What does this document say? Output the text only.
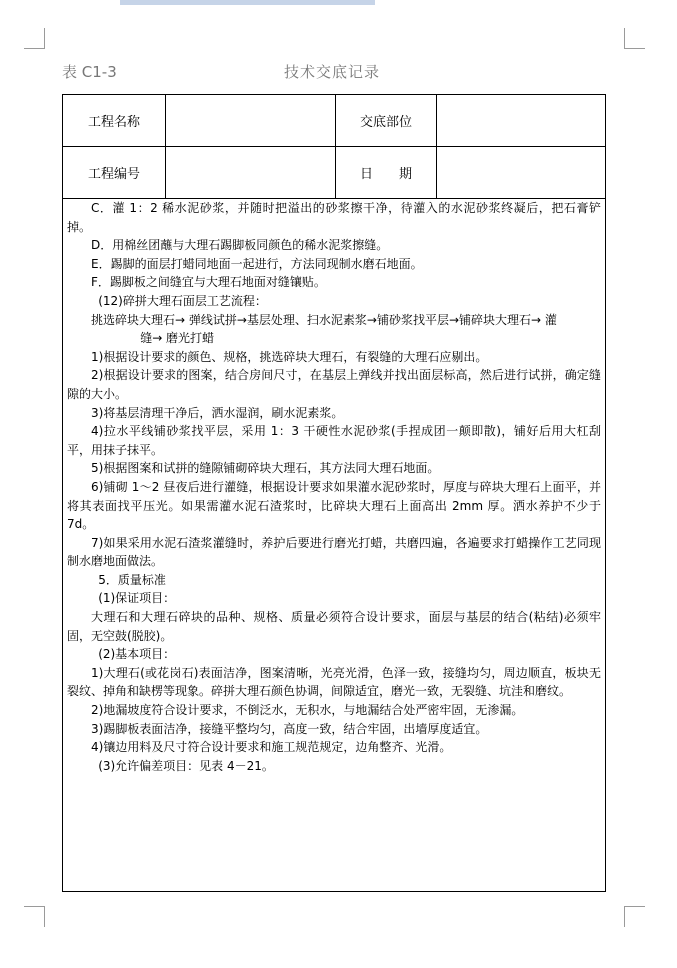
表 C1-3	技术交底记录
工程名称	交底部位
工程编号	日　　期

C．灌 1：2 稀水泥砂浆，并随时把溢出的砂浆擦干净，待灌入的水泥砂浆终凝后，把石膏铲掉。

D．用棉丝团蘸与大理石踢脚板同颜色的稀水泥浆擦缝。

E．踢脚的面层打蜡同地面一起进行，方法同现制水磨石地面。

F．踢脚板之间缝宜与大理石地面对缝镶贴。

(12)碎拼大理石面层工艺流程：

挑选碎块大理石→ 弹线试拼→基层处理、扫水泥素浆→铺砂浆找平层→铺碎块大理石→ 灌
缝→ 磨光打蜡

1)根据设计要求的颜色、规格，挑选碎块大理石，有裂缝的大理石应剔出。

2)根据设计要求的图案，结合房间尺寸，在基层上弹线并找出面层标高，然后进行试拼，确定缝隙的大小。

3)将基层清理干净后，洒水湿润，刷水泥素浆。

4)拉水平线铺砂浆找平层，采用 1：3 干硬性水泥砂浆(手捏成团一颠即散)，铺好后用大杠刮平，用抹子抹平。

5)根据图案和试拼的缝隙铺砌碎块大理石，其方法同大理石地面。

6)铺砌 1～2 昼夜后进行灌缝，根据设计要求如果灌水泥砂浆时，厚度与碎块大理石上面平，并将其表面找平压光。如果需灌水泥石渣浆时，比碎块大理石上面高出 2mm 厚。洒水养护不少于 7d。

7)如果采用水泥石渣浆灌缝时，养护后要进行磨光打蜡，共磨四遍，各遍要求打蜡操作工艺同现制水磨地面做法。

5．质量标准

(1)保证项目：

大理石和大理石碎块的品种、规格、质量必须符合设计要求，面层与基层的结合(粘结)必须牢固，无空鼓(脱胶)。

(2)基本项目：

1)大理石(或花岗石)表面洁净，图案清晰，光亮光滑，色泽一致，接缝均匀，周边顺直，板块无裂纹、掉角和缺楞等现象。碎拼大理石颜色协调，间隙适宜，磨光一致，无裂缝、坑洼和磨纹。

2)地漏坡度符合设计要求，不倒泛水，无积水，与地漏结合处严密牢固，无渗漏。

3)踢脚板表面洁净，接缝平整均匀，高度一致，结合牢固，出墙厚度适宜。

4)镶边用料及尺寸符合设计要求和施工规范规定，边角整齐、光滑。

(3)允许偏差项目：见表 4－21。
